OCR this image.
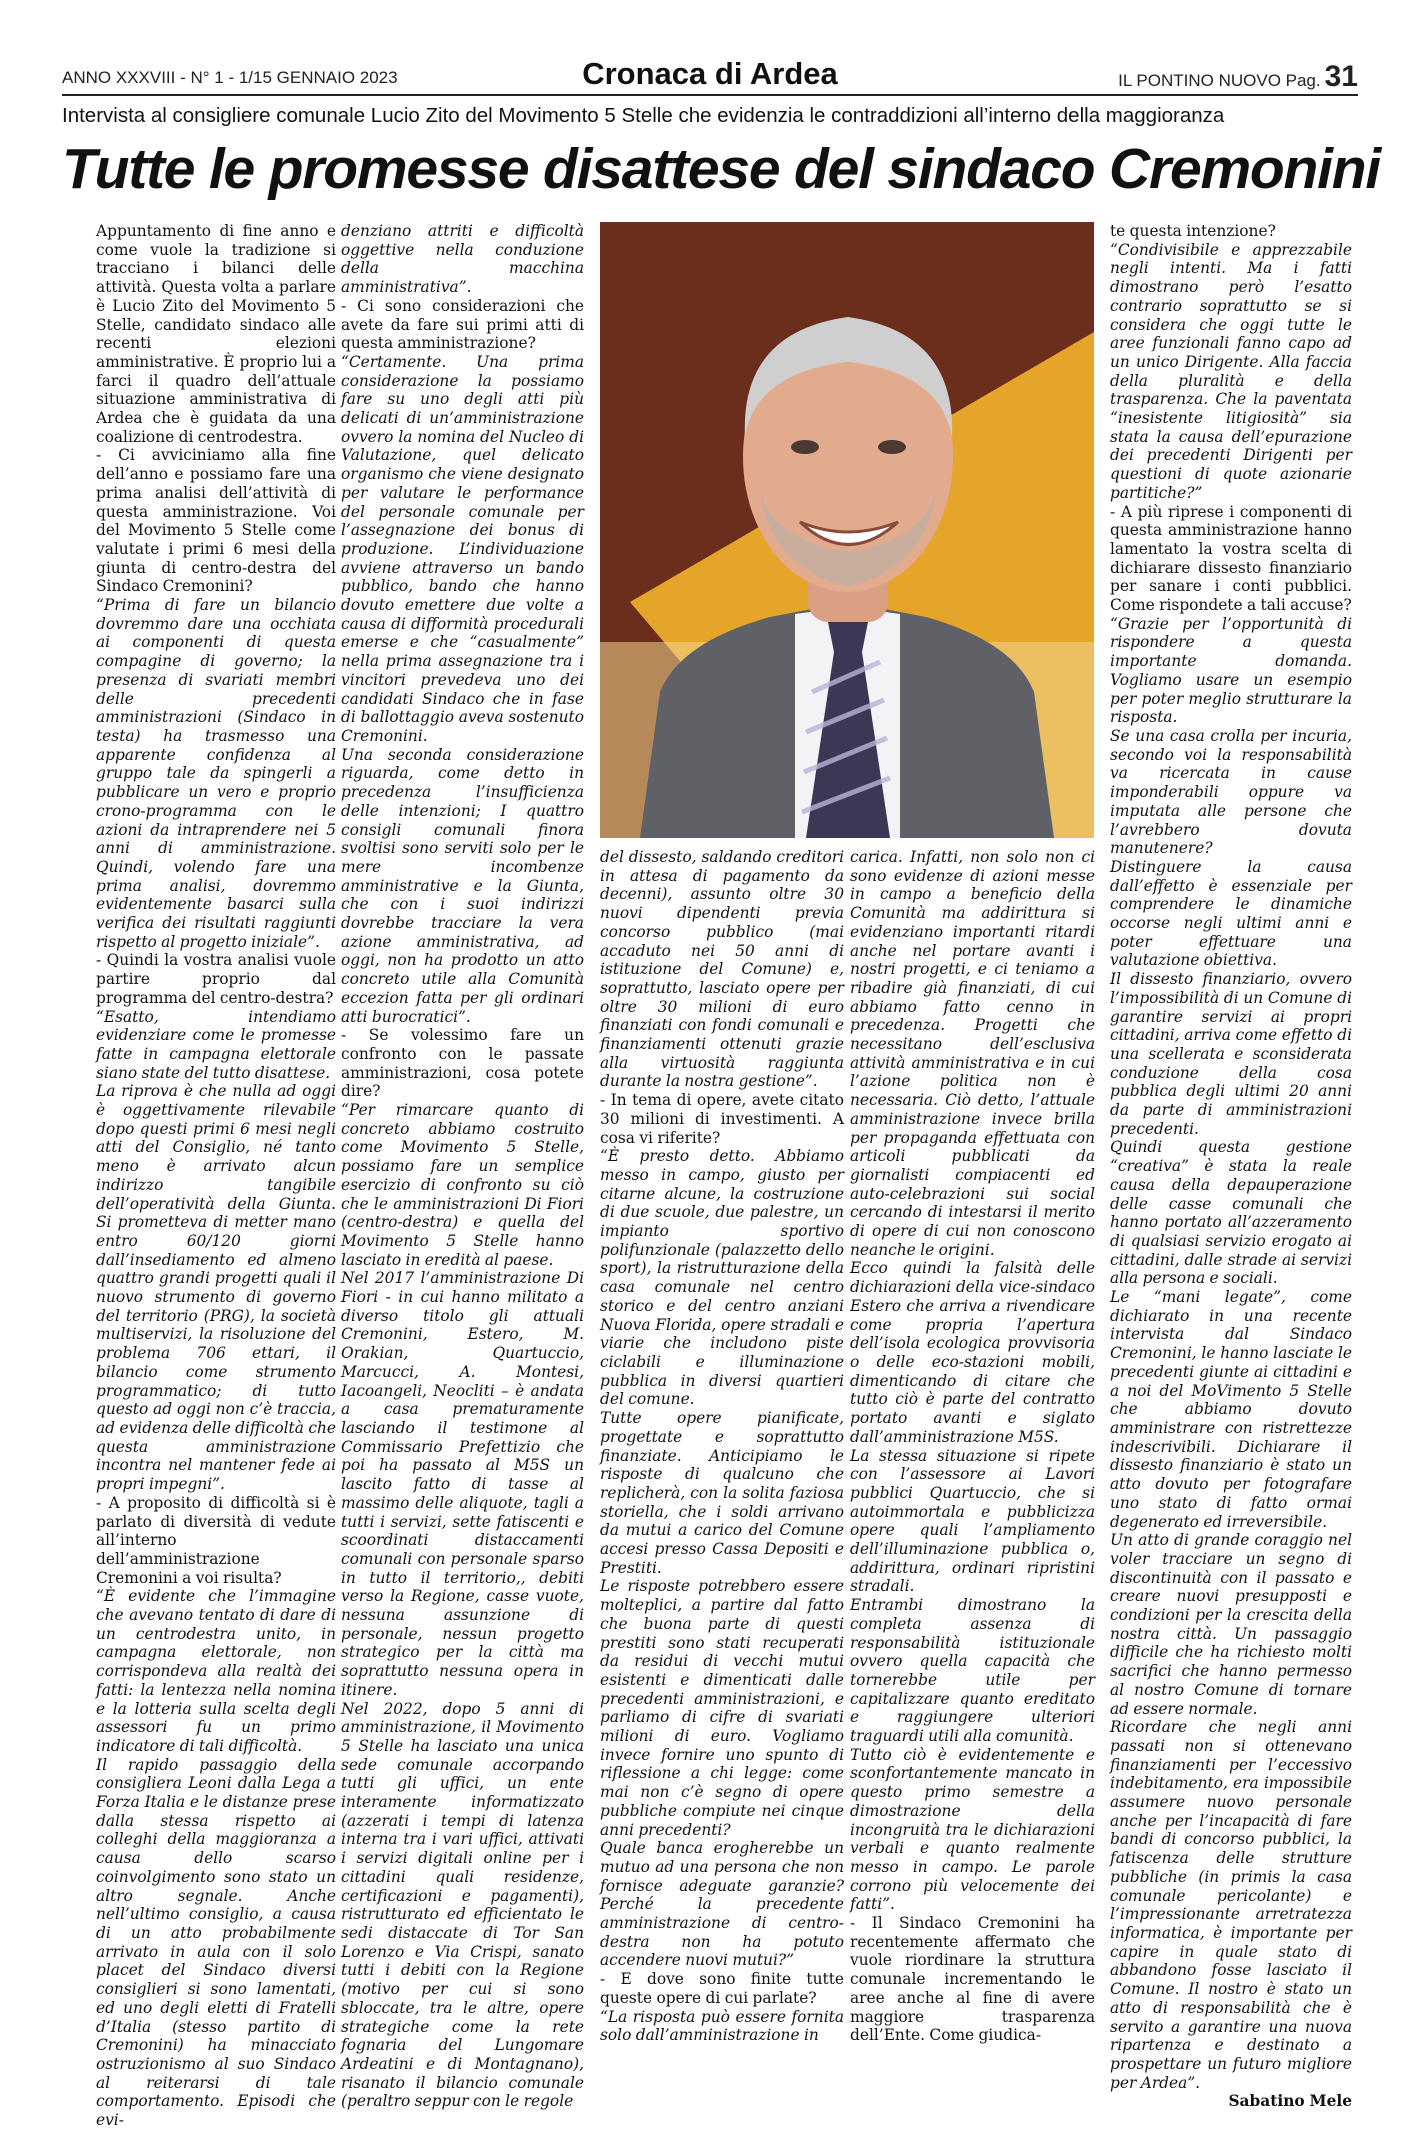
ANNO XXXVIII - N° 1 - 1/15 GENNAIO 2023	Cronaca di Ardea	IL PONTINO NUOVO Pag. 31
Intervista al consigliere comunale Lucio Zito del Movimento 5 Stelle che evidenzia le contraddizioni all’interno della maggioranza
Tutte le promesse disattese del sindaco Cremonini

Appuntamento di fine anno e come vuole la tradizione si tracciano i bilanci delle attività. Questa volta a parlare è Lucio Zito del Movimento 5 Stelle, candidato sindaco alle recenti elezioni amministrative. È proprio lui a farci il quadro dell’attuale situazione amministrativa di Ardea che è guidata da una coalizione di centrodestra.

- Ci avviciniamo alla fine dell’anno e possiamo fare una prima analisi dell’attività di questa amministrazione. Voi del Movimento 5 Stelle come valutate i primi 6 mesi della giunta di centro-destra del Sindaco Cremonini?

“Prima di fare un bilancio dovremmo dare una occhiata ai componenti di questa compagine di governo; la presenza di svariati membri delle precedenti amministrazioni (Sindaco in testa) ha trasmesso una apparente confidenza al gruppo tale da spingerli a pubblicare un vero e proprio crono-programma con le azioni da intraprendere nei 5 anni di amministrazione. Quindi, volendo fare una prima analisi, dovremmo evidentemente basarci sulla verifica dei risultati raggiunti rispetto al progetto iniziale”.

- Quindi la vostra analisi vuole partire proprio dal programma del centro-destra?

“Esatto, intendiamo evidenziare come le promesse fatte in campagna elettorale siano state del tutto disattese.

La riprova è che nulla ad oggi è oggettivamente rilevabile dopo questi primi 6 mesi negli atti del Consiglio, né tanto meno è arrivato alcun indirizzo tangibile dell’operatività della Giunta. Si prometteva di metter mano entro 60/120 giorni dall’insediamento ed almeno quattro grandi progetti quali il nuovo strumento di governo del territorio (PRG), la società multiservizi, la risoluzione del problema 706 ettari, il bilancio come strumento programmatico; di tutto questo ad oggi non c’è traccia, ad evidenza delle difficoltà che questa amministrazione incontra nel mantener fede ai propri impegni”.

- A proposito di difficoltà si è parlato di diversità di vedute all’interno dell’amministrazione Cremonini a voi risulta?

“È evidente che l’immagine che avevano tentato di dare di un centrodestra unito, in campagna elettorale, non corrispondeva alla realtà dei fatti: la lentezza nella nomina e la lotteria sulla scelta degli assessori fu un primo indicatore di tali difficoltà.

Il rapido passaggio della consigliera Leoni dalla Lega a Forza Italia e le distanze prese dalla stessa rispetto ai colleghi della maggioranza a causa dello scarso coinvolgimento sono stato un altro segnale. Anche nell’ultimo consiglio, a causa di un atto probabilmente arrivato in aula con il solo placet del Sindaco diversi consiglieri si sono lamentati, ed uno degli eletti di Fratelli d’Italia (stesso partito di Cremonini) ha minacciato ostruzionismo al suo Sindaco al reiterarsi di tale comportamento. Episodi che evi-

denziano attriti e difficoltà oggettive nella conduzione della macchina amministrativa”.

- Ci sono considerazioni che avete da fare sui primi atti di questa amministrazione?

“Certamente. Una prima considerazione la possiamo fare su uno degli atti più delicati di un’amministrazione ovvero la nomina del Nucleo di Valutazione, quel delicato organismo che viene designato per valutare le performance del personale comunale per l’assegnazione dei bonus di produzione. L’individuazione avviene attraverso un bando pubblico, bando che hanno dovuto emettere due volte a causa di difformità procedurali emerse e che “casualmente” nella prima assegnazione tra i vincitori prevedeva uno dei candidati Sindaco che in fase di ballottaggio aveva sostenuto Cremonini.

Una seconda considerazione riguarda, come detto in precedenza l’insufficienza delle intenzioni; I quattro consigli comunali finora svoltisi sono serviti solo per le mere incombenze amministrative e la Giunta, che con i suoi indirizzi dovrebbe tracciare la vera azione amministrativa, ad oggi, non ha prodotto un atto concreto utile alla Comunità eccezion fatta per gli ordinari atti burocratici”.

- Se volessimo fare un confronto con le passate amministrazioni, cosa potete dire?

“Per rimarcare quanto di concreto abbiamo costruito come Movimento 5 Stelle, possiamo fare un semplice esercizio di confronto su ciò che le amministrazioni Di Fiori (centro-destra) e quella del Movimento 5 Stelle hanno lasciato in eredità al paese.

Nel 2017 l’amministrazione Di Fiori - in cui hanno militato a diverso titolo gli attuali Cremonini, Estero, M. Orakian, Quartuccio, Marcucci, A. Montesi, Iacoangeli, Neocliti – è andata a casa prematuramente lasciando il testimone al Commissario Prefettizio che poi ha passato al M5S un lascito fatto di tasse al massimo delle aliquote, tagli a tutti i servizi, sette fatiscenti e scoordinati distaccamenti comunali con personale sparso in tutto il territorio,, debiti verso la Regione, casse vuote, nessuna assunzione di personale, nessun progetto strategico per la città ma soprattutto nessuna opera in itinere.

Nel 2022, dopo 5 anni di amministrazione, il Movimento 5 Stelle ha lasciato una unica sede comunale accorpando tutti gli uffici, un ente interamente informatizzato (azzerati i tempi di latenza interna tra i vari uffici, attivati i servizi digitali online per i cittadini quali residenze, certificazioni e pagamenti), ristrutturato ed efficientato le sedi distaccate di Tor San Lorenzo e Via Crispi, sanato tutti i debiti con la Regione (motivo per cui si sono sbloccate, tra le altre, opere strategiche come la rete fognaria del Lungomare Ardeatini e di Montagnano), risanato il bilancio comunale (peraltro seppur con le regole

del dissesto, saldando creditori in attesa di pagamento da decenni), assunto oltre 30 nuovi dipendenti previa concorso pubblico (mai accaduto nei 50 anni di istituzione del Comune) e, soprattutto, lasciato opere per oltre 30 milioni di euro finanziati con fondi comunali e finanziamenti ottenuti grazie alla virtuosità raggiunta durante la nostra gestione”.

- In tema di opere, avete citato 30 milioni di investimenti. A cosa vi riferite?

“È presto detto. Abbiamo messo in campo, giusto per citarne alcune, la costruzione di due scuole, due palestre, un impianto sportivo polifunzionale (palazzetto dello sport), la ristrutturazione della casa comunale nel centro storico e del centro anziani Nuova Florida, opere stradali e viarie che includono piste ciclabili e illuminazione pubblica in diversi quartieri del comune.

Tutte opere pianificate, progettate e soprattutto finanziate. Anticipiamo le risposte di qualcuno che replicherà, con la solita faziosa storiella, che i soldi arrivano da mutui a carico del Comune accesi presso Cassa Depositi e Prestiti.

Le risposte potrebbero essere molteplici, a partire dal fatto che buona parte di questi prestiti sono stati recuperati da residui di vecchi mutui esistenti e dimenticati dalle precedenti amministrazioni, e parliamo di cifre di svariati milioni di euro. Vogliamo invece fornire uno spunto di riflessione a chi legge: come mai non c’è segno di opere pubbliche compiute nei cinque anni precedenti?

Quale banca erogherebbe un mutuo ad una persona che non fornisce adeguate garanzie? Perché la precedente amministrazione di centro-destra non ha potuto accendere nuovi mutui?”

- E dove sono finite tutte queste opere di cui parlate?

“La risposta può essere fornita solo dall’amministrazione in

carica. Infatti, non solo non ci sono evidenze di azioni messe in campo a beneficio della Comunità ma addirittura si evidenziano importanti ritardi anche nel portare avanti i nostri progetti, e ci teniamo a ribadire già finanziati, di cui abbiamo fatto cenno in precedenza. Progetti che necessitano dell’esclusiva attività amministrativa e in cui l’azione politica non è necessaria. Ciò detto, l’attuale amministrazione invece brilla per propaganda effettuata con articoli pubblicati da giornalisti compiacenti ed auto-celebrazioni sui social cercando di intestarsi il merito di opere di cui non conoscono neanche le origini.

Ecco quindi la falsità delle dichiarazioni della vice-sindaco Estero che arriva a rivendicare come propria l’apertura dell’isola ecologica provvisoria o delle eco-stazioni mobili, dimenticando di citare che tutto ciò è parte del contratto portato avanti e siglato dall’amministrazione M5S.

La stessa situazione si ripete con l’assessore ai Lavori pubblici Quartuccio, che si autoimmortala e pubblicizza opere quali l’ampliamento dell’illuminazione pubblica o, addirittura, ordinari ripristini stradali.

Entrambi dimostrano la completa assenza di responsabilità istituzionale ovvero quella capacità che tornerebbe utile per capitalizzare quanto ereditato e raggiungere ulteriori traguardi utili alla comunità.

Tutto ciò è evidentemente e sconfortantemente mancato in questo primo semestre a dimostrazione della incongruità tra le dichiarazioni verbali e quanto realmente messo in campo. Le parole corrono più velocemente dei fatti”.

- Il Sindaco Cremonini ha recentemente affermato che vuole riordinare la struttura comunale incrementando le aree anche al fine di avere maggiore trasparenza dell’Ente. Come giudica-

te questa intenzione?

“Condivisibile e apprezzabile negli intenti. Ma i fatti dimostrano però l’esatto contrario soprattutto se si considera che oggi tutte le aree funzionali fanno capo ad un unico Dirigente. Alla faccia della pluralità e della trasparenza. Che la paventata “inesistente litigiosità” sia stata la causa dell’epurazione dei precedenti Dirigenti per questioni di quote azionarie partitiche?”

- A più riprese i componenti di questa amministrazione hanno lamentato la vostra scelta di dichiarare dissesto finanziario per sanare i conti pubblici. Come rispondete a tali accuse?

“Grazie per l’opportunità di rispondere a questa importante domanda. Vogliamo usare un esempio per poter meglio strutturare la risposta.

Se una casa crolla per incuria, secondo voi la responsabilità va ricercata in cause imponderabili oppure va imputata alle persone che l’avrebbero dovuta manutenere?

Distinguere la causa dall’effetto è essenziale per comprendere le dinamiche occorse negli ultimi anni e poter effettuare una valutazione obiettiva.

Il dissesto finanziario, ovvero l’impossibilità di un Comune di garantire servizi ai propri cittadini, arriva come effetto di una scellerata e sconsiderata conduzione della cosa pubblica degli ultimi 20 anni da parte di amministrazioni precedenti.

Quindi questa gestione “creativa” è stata la reale causa della depauperazione delle casse comunali che hanno portato all’azzeramento di qualsiasi servizio erogato ai cittadini, dalle strade ai servizi alla persona e sociali.

Le “mani legate”, come dichiarato in una recente intervista dal Sindaco Cremonini, le hanno lasciate le precedenti giunte ai cittadini e a noi del MoVimento 5 Stelle che abbiamo dovuto amministrare con ristrettezze indescrivibili. Dichiarare il dissesto finanziario è stato un atto dovuto per fotografare uno stato di fatto ormai degenerato ed irreversibile.

Un atto di grande coraggio nel voler tracciare un segno di discontinuità con il passato e creare nuovi presupposti e condizioni per la crescita della nostra città. Un passaggio difficile che ha richiesto molti sacrifici che hanno permesso al nostro Comune di tornare ad essere normale.

Ricordare che negli anni passati non si ottenevano finanziamenti per l’eccessivo indebitamento, era impossibile assumere nuovo personale anche per l’incapacità di fare bandi di concorso pubblici, la fatiscenza delle strutture pubbliche (in primis la casa comunale pericolante) e l’impressionante arretratezza informatica, è importante per capire in quale stato di abbandono fosse lasciato il Comune. Il nostro è stato un atto di responsabilità che è servito a garantire una nuova ripartenza e destinato a prospettare un futuro migliore per Ardea”.

Sabatino Mele
